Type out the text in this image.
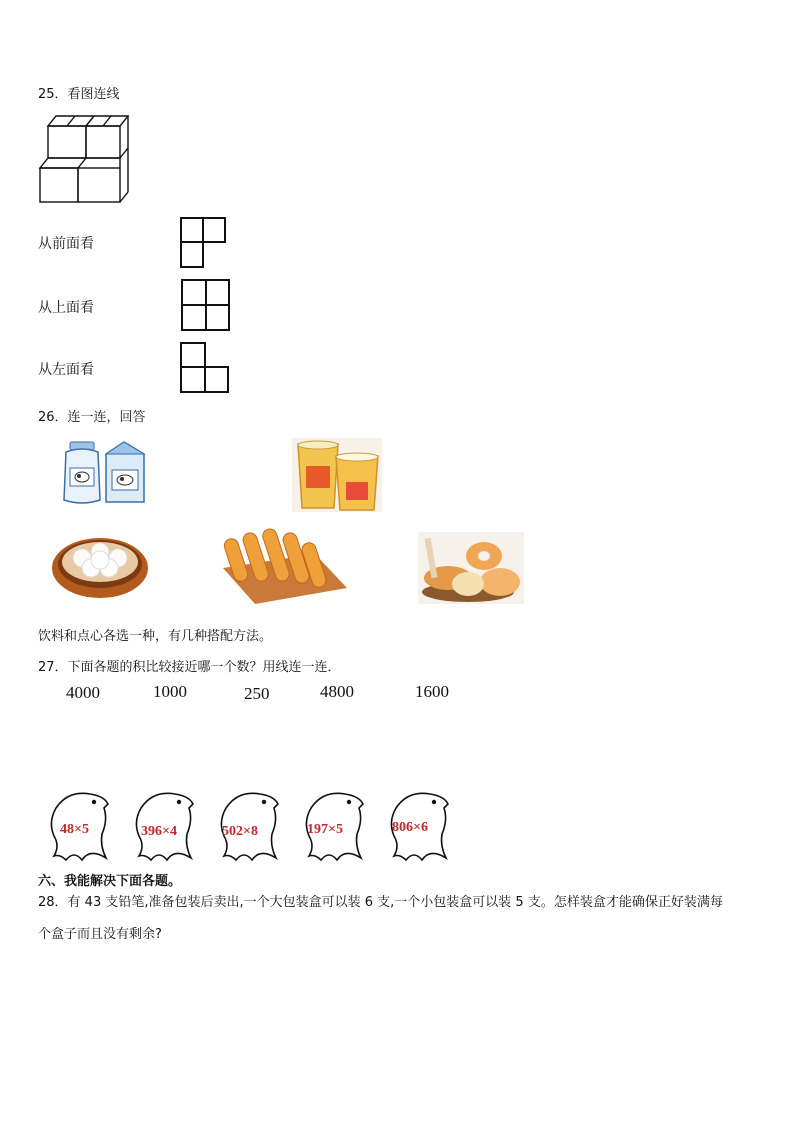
25．看图连线
从前面看
从上面看
从左面看
26．连一连，回答
饮料和点心各选一种，有几种搭配方法。
27．下面各题的积比较接近哪一个数？用线连一连．
4000	1000	250	4800	1600
48×5	396×4	502×8	197×5	806×6
六、我能解决下面各题。
28．有 43 支铅笔,准备包装后卖出,一个大包装盒可以装 6 支,一个小包装盒可以装 5 支。怎样装盒才能确保正好装满每
个盒子而且没有剩余?
